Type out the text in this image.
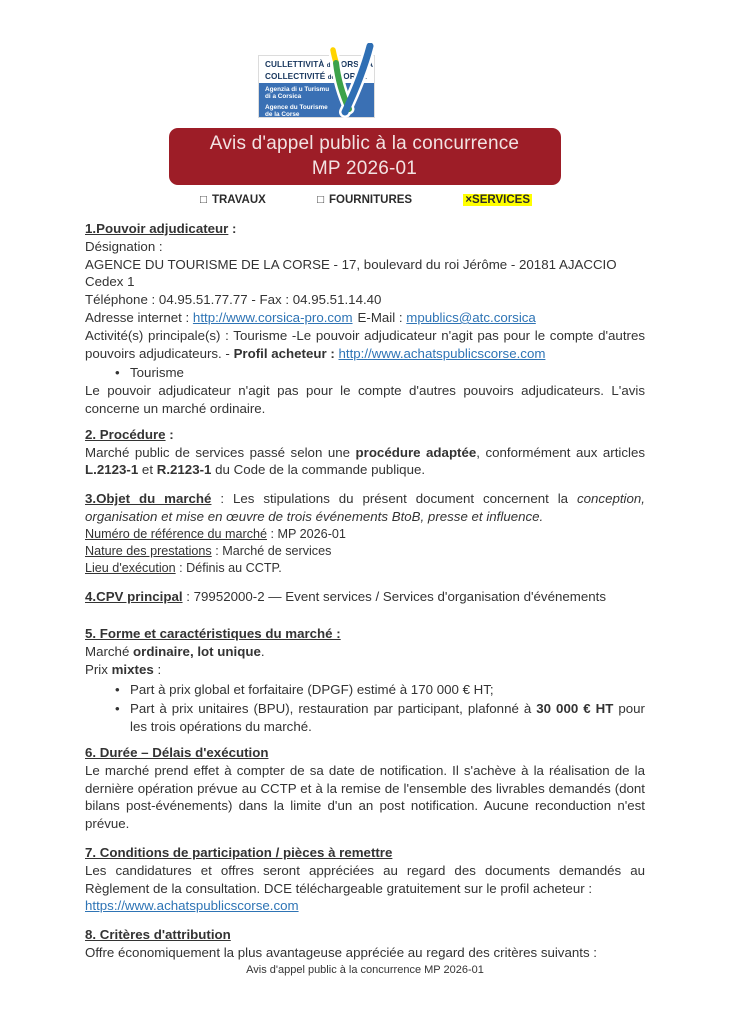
CULLETTIVITÀ di CORSICA
COLLECTIVITÉ de CORSE
Agenzia di u Turismu
di a Corsica
Agence du Tourisme
de la Corse
Avis d'appel public à la concurrence
MP 2026-01
□ TRAVAUX	□ FOURNITURES	×SERVICES

1.Pouvoir adjudicateur :

Désignation :

AGENCE DU TOURISME DE LA CORSE - 17, boulevard du roi Jérôme - 20181 AJACCIO Cedex 1

Téléphone : 04.95.51.77.77 - Fax : 04.95.51.14.40

Adresse internet : http://www.corsica-pro.com E-Mail : mpublics@atc.corsica

Activité(s) principale(s) : Tourisme -Le pouvoir adjudicateur n'agit pas pour le compte d'autres pouvoirs adjudicateurs. - Profil acheteur : http://www.achatspublicscorse.com

• Tourisme

Le pouvoir adjudicateur n'agit pas pour le compte d'autres pouvoirs adjudicateurs. L'avis concerne un marché ordinaire.

2. Procédure :

Marché public de services passé selon une procédure adaptée, conformément aux articles L.2123-1 et R.2123-1 du Code de la commande publique.

3.Objet du marché : Les stipulations du présent document concernent la conception, organisation et mise en œuvre de trois événements BtoB, presse et influence.

Numéro de référence du marché : MP 2026-01

Nature des prestations : Marché de services

Lieu d'exécution : Définis au CCTP.

4.CPV principal : 79952000-2 — Event services / Services d'organisation d'événements

5. Forme et caractéristiques du marché :

Marché ordinaire, lot unique.

Prix mixtes :

• Part à prix global et forfaitaire (DPGF) estimé à 170 000 € HT;

• Part à prix unitaires (BPU), restauration par participant, plafonné à 30 000 € HT pour les trois opérations du marché.

6. Durée – Délais d'exécution

Le marché prend effet à compter de sa date de notification. Il s'achève à la réalisation de la dernière opération prévue au CCTP et à la remise de l'ensemble des livrables demandés (dont bilans post-événements) dans la limite d'un an post notification. Aucune reconduction n'est prévue.

7. Conditions de participation / pièces à remettre

Les candidatures et offres seront appréciées au regard des documents demandés au Règlement de la consultation. DCE téléchargeable gratuitement sur le profil acheteur :
https://www.achatspublicscorse.com

8. Critères d'attribution

Offre économiquement la plus avantageuse appréciée au regard des critères suivants :

Avis d'appel public à la concurrence MP 2026-01
